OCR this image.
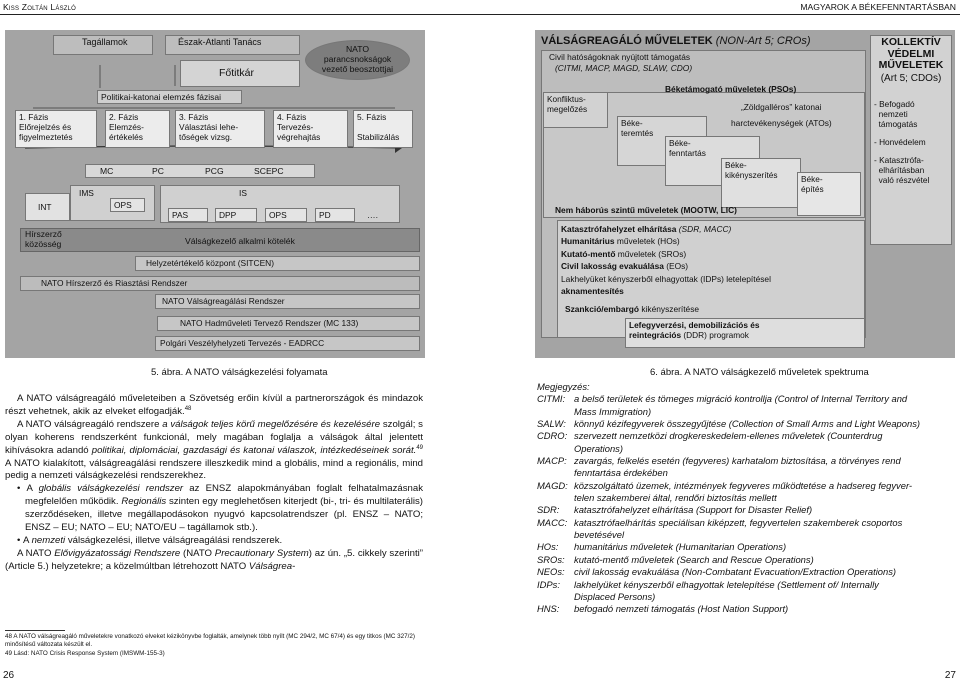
Kiss Zoltán László	MAGYAROK A BÉKEFENNTARTÁSBAN
Tagállamok	Észak-Atlanti Tanács
NATO
parancsnokságok
vezető beosztottjai
Főtitkár
Politikai-katonai elemzés fázisai
1. Fázis
Előrejelzés és
figyelmeztetés
2. Fázis
Elemzés-
értékelés
3. Fázis
Választási lehe-
tőségek vizsg.
4. Fázis
Tervezés-
végrehajtás
5. Fázis
Stabilizálás
MC	PC	PCG	SCEPC
INT
IMS
OPS
IS
PAS	DPP	OPS	PD	….
Hírszerző
közösség	Válságkezelő alkalmi kötelék
Helyzetértékelő központ (SITCEN)
NATO Hírszerző és Riasztási Rendszer
NATO Válságreagálási Rendszer
NATO Hadműveleti Tervező Rendszer (MC 133)
Polgári Veszélyhelyzeti Tervezés - EADRCC
VÁLSÁGREAGÁLÓ MŰVELETEK (NON-Art 5; CROs)
Civil hatóságoknak nyújtott támogatás
(CITMI, MACP, MAGD, SLAW, CDO)
Béketámogató műveletek (PSOs)
Konfliktus-
megelőzés	„Zöldgalléros” katonai
harctevékenységek (ATOs)
Béke-
teremtés
Béke-
fenntartás
Béke-
kikényszerítés	Béke-
építés
Nem háborús szintű műveletek (MOOTW, LIC)
Katasztrófahelyzet elhárítása (SDR, MACC)
Humanitárius műveletek (HOs)
Kutató-mentő műveletek (SROs)
Civil lakosság evakuálása (EOs)
Lakhelyüket kényszerből elhagyottak (IDPs) letelepítésel
aknamentesítés
Szankció/embargó kikényszerítése
Lefegyverzési, demobilizációs és
reintegrációs (DDR) programok
KOLLEKTÍV
VÉDELMI
MŰVELETEK
(Art 5; CDOs)
- Befogadó
nemzeti
támogatás
- Honvédelem
- Katasztrófa-
elhárításban
való részvétel
5. ábra. A NATO válságkezelési folyamata	6. ábra. A NATO válságkezelő műveletek spektruma

A NATO válságreagáló műveleteiben a Szövetség erőin kívül a partnerországok és mindazok részt vehetnek, akik az elveket elfogadják.$^{48}$

A NATO válságreagáló rendszere a válságok teljes körű megelőzésére és kezelésére szolgál; s olyan koherens rendszerként funkcionál, mely magában foglalja a válságok által jelentett kihívásokra adandó politikai, diplomáciai, gazdasági és katonai válaszok, intézkedéseinek sorát.$^{49}$ A NATO kialakított, válságreagálási rendszere illeszkedik mind a globális, mind a regionális, mind pedig a nemzeti válságkezelési rendszerekhez.

• A globális válságkezelési rendszer az ENSZ alapokmányában foglalt felhatalmazásnak megfelelően működik. Regionális szinten egy meglehetősen kiterjedt (bi-, tri- és multilaterális) szerződéseken, illetve megállapodásokon nyugvó kapcsolatrendszer (pl. ENSZ – NATO; ENSZ – EU; NATO – EU; NATO/EU – tagállamok stb.).
• A nemzeti válságkezelési, illetve válságreagálási rendszerek.

A NATO Elővigyázatossági Rendszere (NATO Precautionary System) az ún. „5. cikkely szerinti” (Article 5.) helyzetekre; a közelmúltban létrehozott NATO Válságrea-

48 A NATO válságreagáló műveletekre vonatkozó elveket kézikönyvbe foglalták, amelynek több nyílt (MC 294/2, MC 67/4) és egy titkos (MC 327/2) minősítésű változata készült el.
49 Lásd: NATO Crisis Response System (IMSWM-155-3)
26	27
Megjegyzés:
CITMI: a belső területek és tömeges migráció kontrollja (Control of Internal Territory and
Mass Immigration)
SALW: könnyű kézifegyverek összegyűjtése (Collection of Small Arms and Light Weapons)
CDRO: szervezett nemzetközi drogkereskedelem-ellenes műveletek (Counterdrug
Operations)
MACP: zavargás, felkelés esetén (fegyveres) karhatalom biztosítása, a törvényes rend
fenntartása érdekében
MAGD: közszolgáltató üzemek, intézmények fegyveres működtetése a hadsereg fegyver-
telen szakemberei által, rendőri biztosítás mellett
SDR:	katasztrófahelyzet elhárítása (Support for Disaster Relief)
MACC: katasztrófaelhárítás speciálisan kiképzett, fegyvertelen szakemberek csoportos
bevetésével
HOs:	humanitárius műveletek (Humanitarian Operations)
SROs: kutató-mentő műveletek (Search and Rescue Operations)
NEOs: civil lakosság evakuálása (Non-Combatant Evacuation/Extraction Operations)
IDPs:	lakhelyüket kényszerből elhagyottak letelepítése (Settlement of/ Internally
Displaced Persons)
HNS:	befogadó nemzeti támogatás (Host Nation Support)
